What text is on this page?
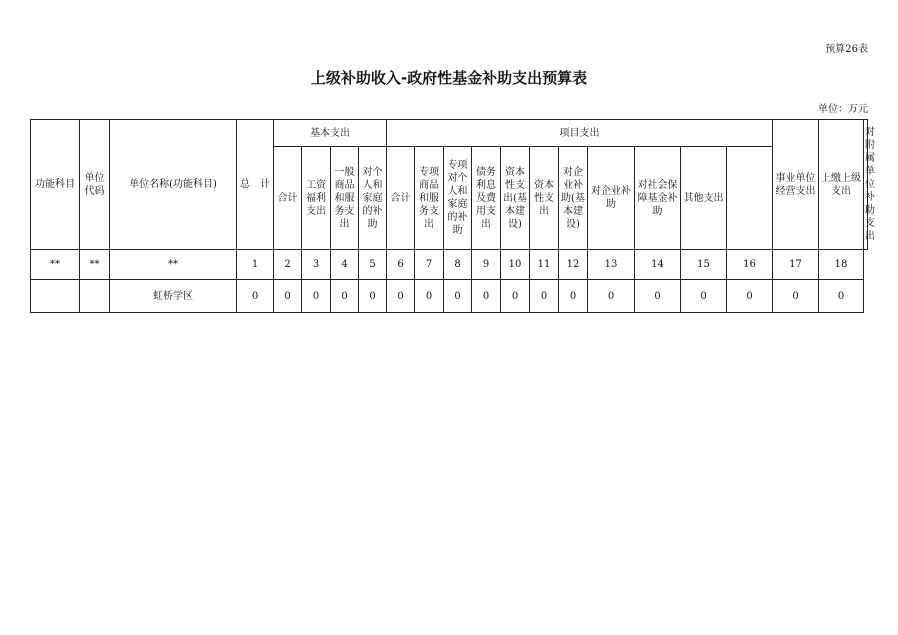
预算26表
上级补助收入-政府性基金补助支出预算表
单位：万元
功能科目	单位代码	单位名称(功能科目)	总　计	基本支出				项目支出											事业单位经营支出	上缴上级支出	对附属单位补助支出
				合计	工资福利支出	一般商品和服务支出	对个人和家庭的补助	合计	专项商品和服务支出	专项对个人和家庭的补助	债务利息及费用支出	资本性支出(基本建设)	资本性支出	对企业补助(基本建设)	对企业补助	对社会保障基金补助	其他支出				
**	**	**	1	2	3	4	5	6	7	8	9	10	11	12	13	14	15	16	17	18	
		虹桥学区	0	0	0	0	0	0	0	0	0	0	0	0	0	0	0	0	0	0	
